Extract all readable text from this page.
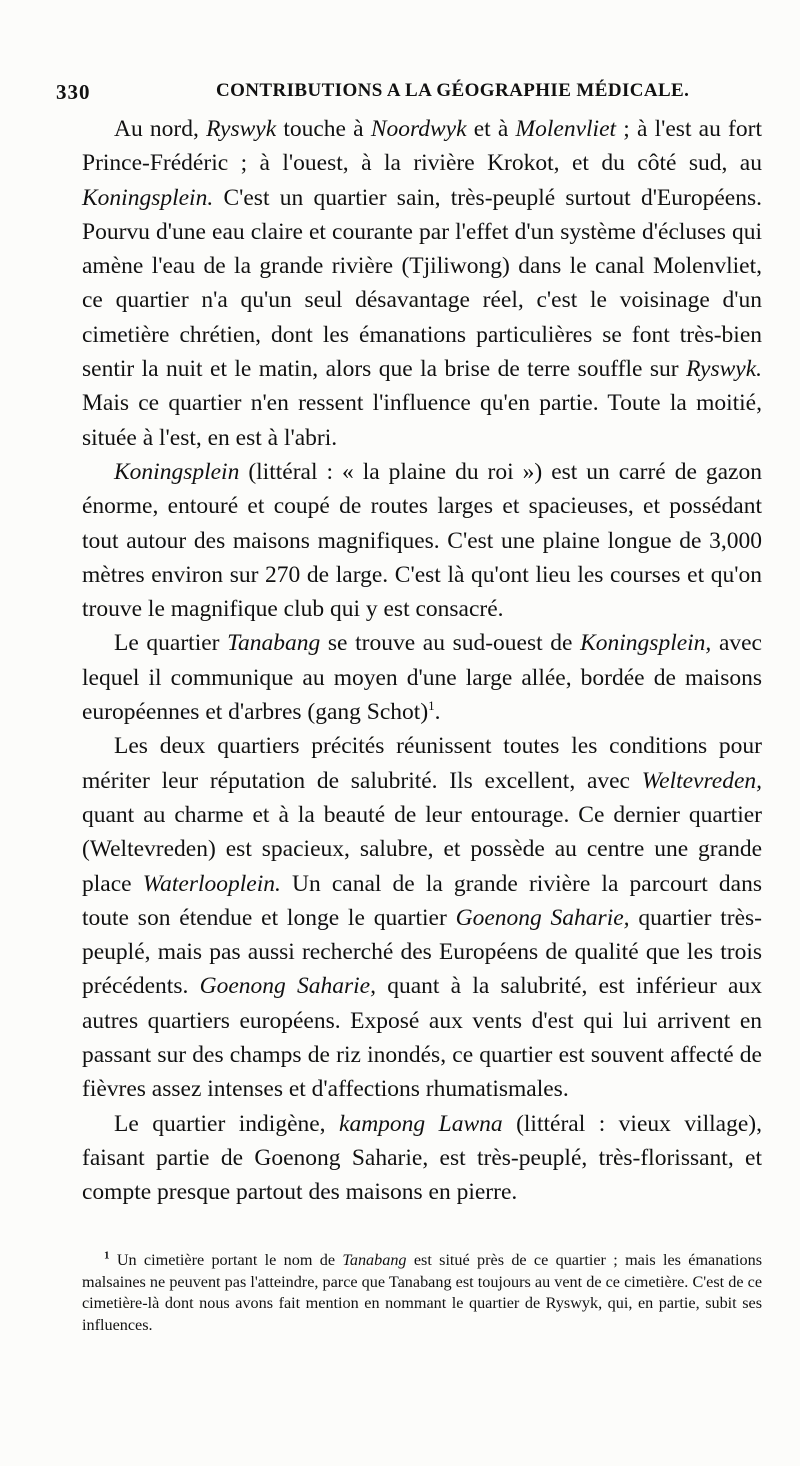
330	CONTRIBUTIONS A LA GÉOGRAPHIE MÉDICALE.

Au nord, Ryswyk touche à Noordwyk et à Molenvliet ; à l'est au fort Prince-Frédéric ; à l'ouest, à la rivière Krokot, et du côté sud, au Koningsplein. C'est un quartier sain, très-peuplé surtout d'Européens. Pourvu d'une eau claire et courante par l'effet d'un système d'écluses qui amène l'eau de la grande rivière (Tjiliwong) dans le canal Molenvliet, ce quartier n'a qu'un seul désavantage réel, c'est le voisinage d'un cimetière chrétien, dont les émanations particulières se font très-bien sentir la nuit et le matin, alors que la brise de terre souffle sur Ryswyk. Mais ce quartier n'en ressent l'influence qu'en partie. Toute la moitié, située à l'est, en est à l'abri.

Koningsplein (littéral : « la plaine du roi ») est un carré de gazon énorme, entouré et coupé de routes larges et spacieuses, et possédant tout autour des maisons magnifiques. C'est une plaine longue de 3,000 mètres environ sur 270 de large. C'est là qu'ont lieu les courses et qu'on trouve le magnifique club qui y est consacré.

Le quartier Tanabang se trouve au sud-ouest de Koningsplein, avec lequel il communique au moyen d'une large allée, bordée de maisons européennes et d'arbres (gang Schot)$^1$.

Les deux quartiers précités réunissent toutes les conditions pour mériter leur réputation de salubrité. Ils excellent, avec Weltevreden, quant au charme et à la beauté de leur entourage. Ce dernier quartier (Weltevreden) est spacieux, salubre, et possède au centre une grande place Waterlooplein. Un canal de la grande rivière la parcourt dans toute son étendue et longe le quartier Goenong Saharie, quartier très-peuplé, mais pas aussi recherché des Européens de qualité que les trois précédents. Goenong Saharie, quant à la salubrité, est inférieur aux autres quartiers européens. Exposé aux vents d'est qui lui arrivent en passant sur des champs de riz inondés, ce quartier est souvent affecté de fièvres assez intenses et d'affections rhumatismales.

Le quartier indigène, kampong Lawna (littéral : vieux village), faisant partie de Goenong Saharie, est très-peuplé, très-florissant, et compte presque partout des maisons en pierre.

$^1$ Un cimetière portant le nom de Tanabang est situé près de ce quartier ; mais les émanations malsaines ne peuvent pas l'atteindre, parce que Tanabang est toujours au vent de ce cimetière. C'est de ce cimetière-là dont nous avons fait mention en nommant le quartier de Ryswyk, qui, en partie, subit ses influences.
